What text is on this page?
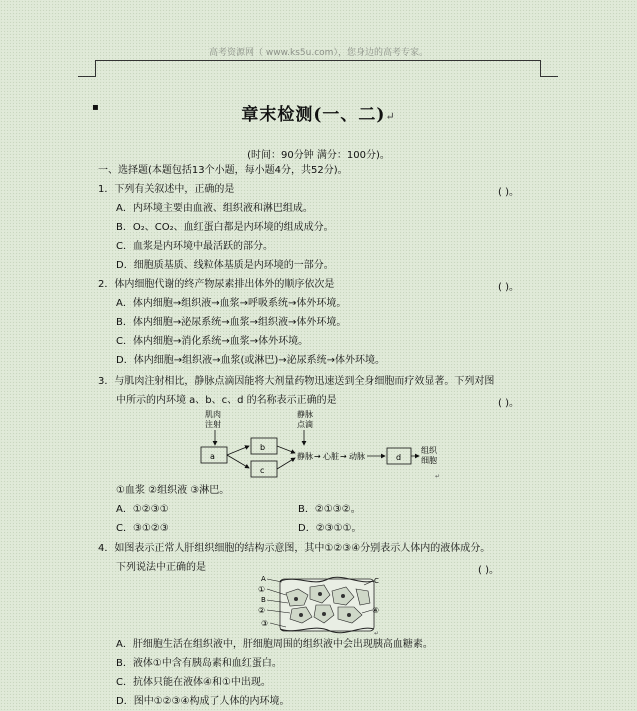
高考资源网（ www.ks5u.com），您身边的高考专家。
▪	章末检测(一、二)↵
(时间：90分钟 满分：100分)。
一、选择题(本题包括13个小题，每小题4分，共52分)。
1．下列有关叙述中，正确的是	( )。
A．内环境主要由血液、组织液和淋巴组成。
B．O₂、CO₂、血红蛋白都是内环境的组成成分。
C．血浆是内环境中最活跃的部分。
D．细胞质基质、线粒体基质是内环境的一部分。
2．体内细胞代谢的终产物尿素排出体外的顺序依次是	( )。
A．体内细胞→组织液→血浆→呼吸系统→体外环境。
B．体内细胞→泌尿系统→血浆→组织液→体外环境。
C．体内细胞→消化系统→血浆→体外环境。
D．体内细胞→组织液→血浆(或淋巴)→泌尿系统→体外环境。
3．与肌肉注射相比，静脉点滴因能将大剂量药物迅速送到全身细胞而疗效显著。下列对图
中所示的内环境 a、b、c、d 的名称表示正确的是	( )。
肌肉
注射
静脉
点滴
a
b
c
静脉 → 心脏 → 动脉	d
组织
细胞
↵
①血浆 ②组织液 ③淋巴。
A．①②③①	B．②①③②。
C．③①②③	D．②③①①。
4．如图表示正常人肝组织细胞的结构示意图，其中①②③④分别表示人体内的液体成分。
下列说法中正确的是	( )。
A
①
B
②
③
C
④
↵
A．肝细胞生活在组织液中，肝细胞周围的组织液中会出现胰高血糖素。
B．液体①中含有胰岛素和血红蛋白。
C．抗体只能在液体④和①中出现。
D．图中①②③④构成了人体的内环境。
